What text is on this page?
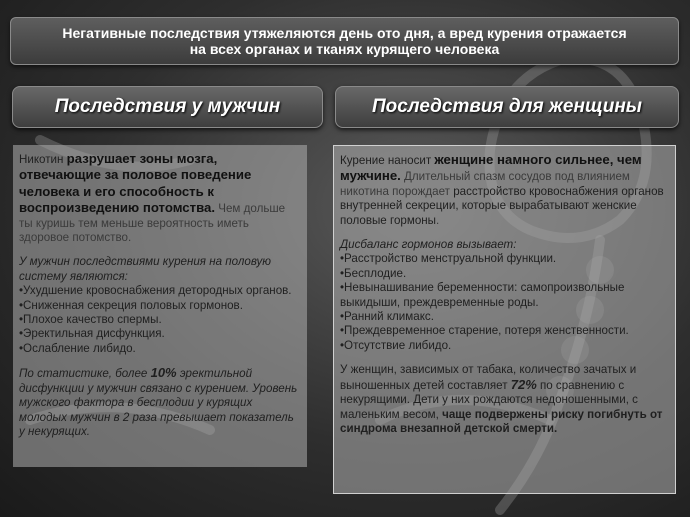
Негативные последствия утяжеляются день ото дня, а вред курения отражается
на всех органах и тканях курящего человека
Последствия у мужчин	Последствия для женщины

Никотин разрушает зоны мозга, отвечающие за половое поведение человека и его способность к воспроизведению потомства. Чем дольше ты куришь тем меньше вероятность иметь здоровое потомство.

У мужчин последствиями курения на половую систему являются:

•Ухудшение кровоснабжения детородных органов.

•Сниженная секреция половых гормонов.

•Плохое качество спермы.

•Эректильная дисфункция.

•Ослабление либидо.

По статистике, более 10% эректильной дисфункции у мужчин связано с курением. Уровень мужского фактора в бесплодии у курящих молодых мужчин в 2 раза превышает показатель у некурящих.

Курение наносит женщине намного сильнее, чем мужчине. Длительный спазм сосудов под влиянием никотина порождает расстройство кровоснабжения органов внутренней секреции, которые вырабатывают женские половые гормоны.

Дисбаланс гормонов вызывает:

•Расстройство менструальной функции.

•Бесплодие.

•Невынашивание беременности: самопроизвольные выкидыши, преждевременные роды.

•Ранний климакс.

•Преждевременное старение, потеря женственности.

•Отсутствие либидо.

У женщин, зависимых от табака, количество зачатых и выношенных детей составляет 72% по сравнению с некурящими. Дети у них рождаются недоношенными, с маленьким весом, чаще подвержены риску погибнуть от синдрома внезапной детской смерти.
